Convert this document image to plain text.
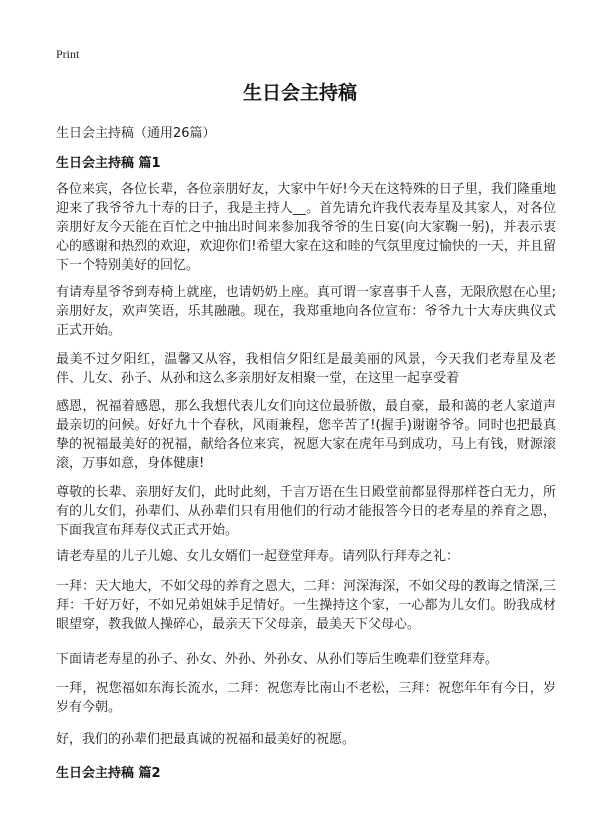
Print
生日会主持稿
生日会主持稿（通用26篇）
生日会主持稿 篇1

各位来宾，各位长辈，各位亲朋好友，大家中午好!今天在这特殊的日子里，我们隆重地迎来了我爷爷九十寿的日子，我是主持人__。首先请允许我代表寿星及其家人，对各位亲朋好友今天能在百忙之中抽出时间来参加我爷爷的生日宴(向大家鞠一躬)，并表示衷心的感谢和热烈的欢迎，欢迎你们!希望大家在这和睦的气氛里度过愉快的一天，并且留下一个特别美好的回忆。

有请寿星爷爷到寿椅上就座，也请奶奶上座。真可谓一家喜事千人喜，无限欣慰在心里;亲朋好友，欢声笑语，乐其融融。现在，我郑重地向各位宣布：爷爷九十大寿庆典仪式正式开始。

最美不过夕阳红，温馨又从容，我相信夕阳红是最美丽的风景，今天我们老寿星及老伴、儿女、孙子、从孙和这么多亲朋好友相聚一堂，在这里一起享受着

感恩，祝福着感恩，那么我想代表儿女们向这位最骄傲，最自豪，最和蔼的老人家道声最亲切的问候。好好九十个春秋，风雨兼程，您辛苦了!(握手)谢谢爷爷。同时也把最真挚的祝福最美好的祝福，献给各位来宾，祝愿大家在虎年马到成功，马上有钱，财源滚滚，万事如意，身体健康!

尊敬的长辈、亲朋好友们，此时此刻，千言万语在生日殿堂前都显得那样苍白无力，所有的儿女们，孙辈们、从孙辈们只有用他们的行动才能报答今日的老寿星的养育之恩，下面我宣布拜寿仪式正式开始。

请老寿星的儿子儿媳、女儿女婿们一起登堂拜寿。请列队行拜寿之礼：

一拜：天大地大，不如父母的养育之恩大，二拜：河深海深，不如父母的教诲之情深,三拜：千好万好，不如兄弟姐妹手足情好。一生操持这个家，一心都为儿女们。盼我成材眼望穿，教我做人操碎心，最亲天下父母亲，最美天下父母心。

下面请老寿星的孙子、孙女、外孙、外孙女、从孙们等后生晚辈们登堂拜寿。

一拜，祝您福如东海长流水，二拜：祝您寿比南山不老松，三拜：祝您年年有今日，岁岁有今朝。

好，我们的孙辈们把最真诚的祝福和最美好的祝愿。

生日会主持稿 篇2
